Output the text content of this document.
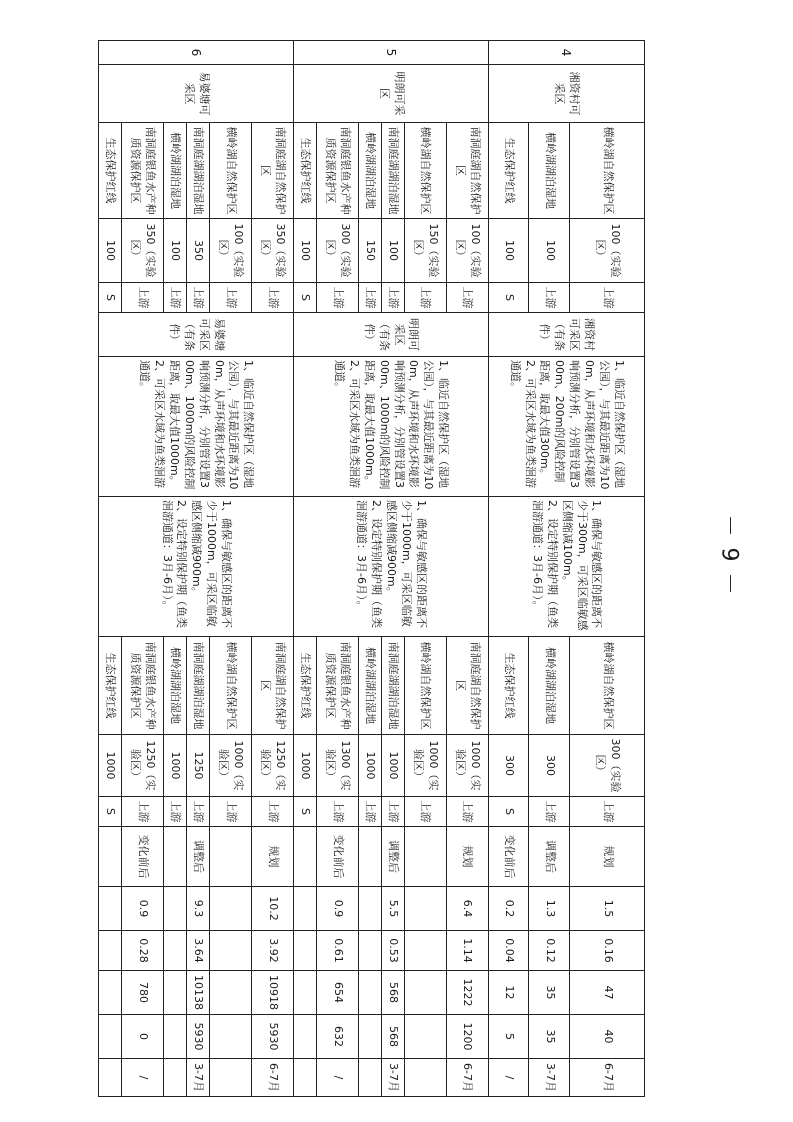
－ 9 －
4	湘资村可采区	横岭湖自然保护区	100（实验区）	上游	湘资村可采区（有条件）	1、临近自然保护区（湿地公园），与其最近距离为100m，从声环境和水环境影响预测分析，分别管设置300m、200m的风险控制距离，取最大值300m。
2、可采区水域为鱼类洄游通道。	1、确保与敏感区的距离不少于300m，可采区临敏感区侧缩减100m。
2、设定特别保护期（鱼类洄游通道：3月-6月）。	横岭湖自然保护区	300（实验区）	上游	规划	1.5	0.16	47	40	6-7月
		横岭湖湖泊湿地	100	上游				横岭湖湖泊湿地	300	上游	调整后	1.3	0.12	35	35	3-7月
		生态保护红线	100	S				生态保护红线	300	S	变化前后	0.2	0.04	12	5	/
5	明朗可采区	南洞庭湖自然保护区	100（实验区）	上游	明朗可采区（有条件）	1、临近自然保护区（湿地公园），与其最近距离为100m，从声环境和水环境影响预测分析，分别管设置300m、1000m的风险控制距离，取最大值1000m。
2、可采区水域为鱼类洄游通道。	1、确保与敏感区的距离不少于1000m，可采区临敏感区侧缩减900m。
2、设定特别保护期（鱼类洄游通道：3月-6月）。	南洞庭湖自然保护区	1000（实验区）	上游	规划	6.4	1.14	1222	1200	6-7月
		横岭湖自然保护区	150（实验区）	上游				横岭湖自然保护区	1000（实验区）	上游						
		南洞庭湖湖泊湿地	100	上游				南洞庭湖湖泊湿地	1000	上游	调整后	5.5	0.53	568	568	3-7月
		横岭湖湖泊湿地	150	上游				横岭湖湖泊湿地	1000	上游						
		南洞庭银鱼水产种质资源保护区	300（实验区）	上游				南洞庭银鱼水产种质资源保护区	1300（实验区）	上游	变化前后	0.9	0.61	654	632	/
		生态保护红线	100	S				生态保护红线	1000	S						
6	易婆塘可采区	南洞庭湖自然保护区	350（实验区）	上游	易婆塘可采区（有条件）	1、临近自然保护区（湿地公园），与其最近距离为100m，从声环境和水环境影响预测分析，分别管设置300m、1000m的风险控制距离，取最大值1000m。
2、可采区水域为鱼类洄游通道。	1、确保与敏感区的距离不少于1000m，可采区临敏感区侧缩减900m。
2、设定特别保护期（鱼类洄游通道：3月-6月）。	南洞庭湖自然保护区	1250（实验区）	上游	规划	10.2	3.92	10918	5930	6-7月
		横岭湖自然保护区	100（实验区）	上游				横岭湖自然保护区	1000（实验区）	上游						
		南洞庭湖湖泊湿地	350	上游				南洞庭湖湖泊湿地	1250	上游	调整后	9.3	3.64	10138	5930	3-7月
		横岭湖湖泊湿地	100	上游				横岭湖湖泊湿地	1000	上游						
		南洞庭银鱼水产种质资源保护区	350（实验区）	上游				南洞庭银鱼水产种质资源保护区	1250（实验区）	上游	变化前后	0.9	0.28	780	0	/
		生态保护红线	100	S				生态保护红线	1000	S						
